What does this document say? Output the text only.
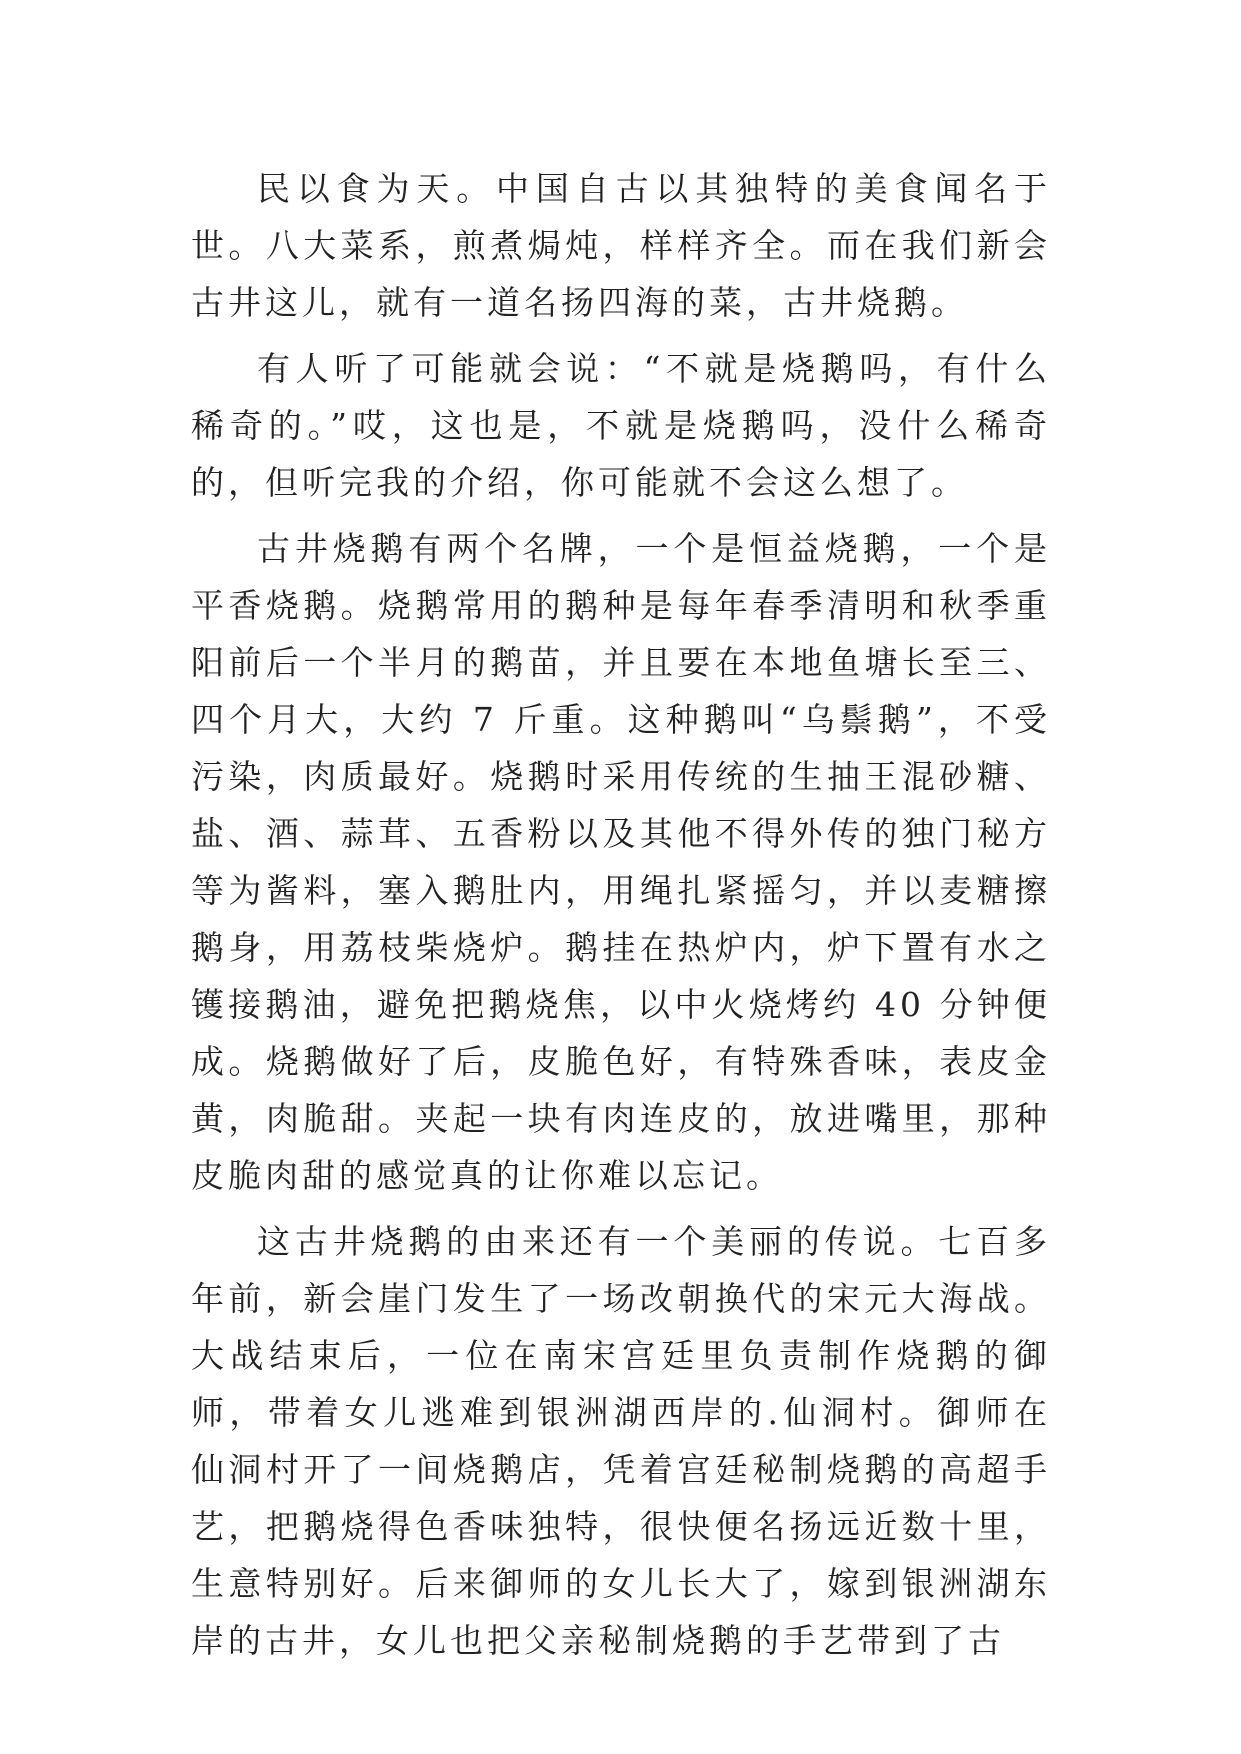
民以食为天。中国自古以其独特的美食闻名于世。八大菜系，煎煮焗炖，样样齐全。而在我们新会古井这儿，就有一道名扬四海的菜，古井烧鹅。

有人听了可能就会说：“不就是烧鹅吗，有什么稀奇的。”哎，这也是，不就是烧鹅吗，没什么稀奇的，但听完我的介绍，你可能就不会这么想了。

古井烧鹅有两个名牌，一个是恒益烧鹅，一个是平香烧鹅。烧鹅常用的鹅种是每年春季清明和秋季重阳前后一个半月的鹅苗，并且要在本地鱼塘长至三、四个月大，大约 7 斤重。这种鹅叫“乌鬃鹅”，不受污染，肉质最好。烧鹅时采用传统的生抽王混砂糖、盐、酒、蒜茸、五香粉以及其他不得外传的独门秘方等为酱料，塞入鹅肚内，用绳扎紧摇匀，并以麦糖擦鹅身，用荔枝柴烧炉。鹅挂在热炉内，炉下置有水之镬接鹅油，避免把鹅烧焦，以中火烧烤约 40 分钟便成。烧鹅做好了后，皮脆色好，有特殊香味，表皮金黄，肉脆甜。夹起一块有肉连皮的，放进嘴里，那种皮脆肉甜的感觉真的让你难以忘记。

这古井烧鹅的由来还有一个美丽的传说。七百多年前，新会崖门发生了一场改朝换代的宋元大海战。大战结束后，一位在南宋宫廷里负责制作烧鹅的御师，带着女儿逃难到银洲湖西岸的.仙洞村。御师在仙洞村开了一间烧鹅店，凭着宫廷秘制烧鹅的高超手艺，把鹅烧得色香味独特，很快便名扬远近数十里，生意特别好。后来御师的女儿长大了，嫁到银洲湖东岸的古井，女儿也把父亲秘制烧鹅的手艺带到了古
